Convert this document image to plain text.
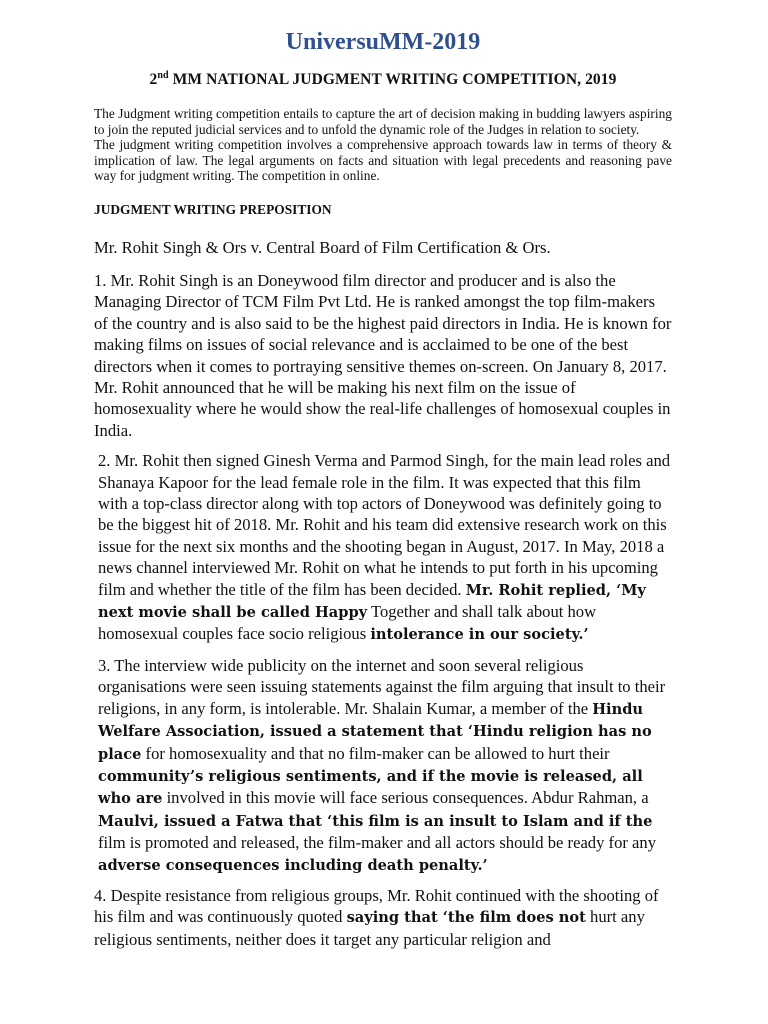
UniversuMM-2019
2nd MM NATIONAL JUDGMENT WRITING COMPETITION, 2019

The Judgment writing competition entails to capture the art of decision making in budding lawyers aspiring to join the reputed judicial services and to unfold the dynamic role of the Judges in relation to society.

The judgment writing competition involves a comprehensive approach towards law in terms of theory & implication of law. The legal arguments on facts and situation with legal precedents and reasoning pave way for judgment writing. The competition in online.

JUDGMENT WRITING PREPOSITION
Mr. Rohit Singh & Ors v. Central Board of Film Certification & Ors.

1. Mr. Rohit Singh is an Doneywood film director and producer and is also the Managing Director of TCM Film Pvt Ltd. He is ranked amongst the top film-makers of the country and is also said to be the highest paid directors in India. He is known for making films on issues of social relevance and is acclaimed to be one of the best directors when it comes to portraying sensitive themes on-screen. On January 8, 2017. Mr. Rohit announced that he will be making his next film on the issue of homosexuality where he would show the real-life challenges of homosexual couples in India.

2. Mr. Rohit then signed Ginesh Verma and Parmod Singh, for the main lead roles and Shanaya Kapoor for the lead female role in the film. It was expected that this film with a top-class director along with top actors of Doneywood was definitely going to be the biggest hit of 2018. Mr. Rohit and his team did extensive research work on this issue for the next six months and the shooting began in August, 2017. In May, 2018 a news channel interviewed Mr. Rohit on what he intends to put forth in his upcoming film and whether the title of the film has been decided. Mr. Rohit replied, ‘My next movie shall be called Happy Together and shall talk about how homosexual couples face socio religious intolerance in our society.’

3. The interview wide publicity on the internet and soon several religious organisations were seen issuing statements against the film arguing that insult to their religions, in any form, is intolerable. Mr. Shalain Kumar, a member of the Hindu Welfare Association, issued a statement that ‘Hindu religion has no place for homosexuality and that no film-maker can be allowed to hurt their community’s religious sentiments, and if the movie is released, all who are involved in this movie will face serious consequences. Abdur Rahman, a Maulvi, issued a Fatwa that ‘this film is an insult to Islam and if the film is promoted and released, the film-maker and all actors should be ready for any adverse consequences including death penalty.’

4. Despite resistance from religious groups, Mr. Rohit continued with the shooting of his film and was continuously quoted saying that ‘the film does not hurt any religious sentiments, neither does it target any particular religion and
